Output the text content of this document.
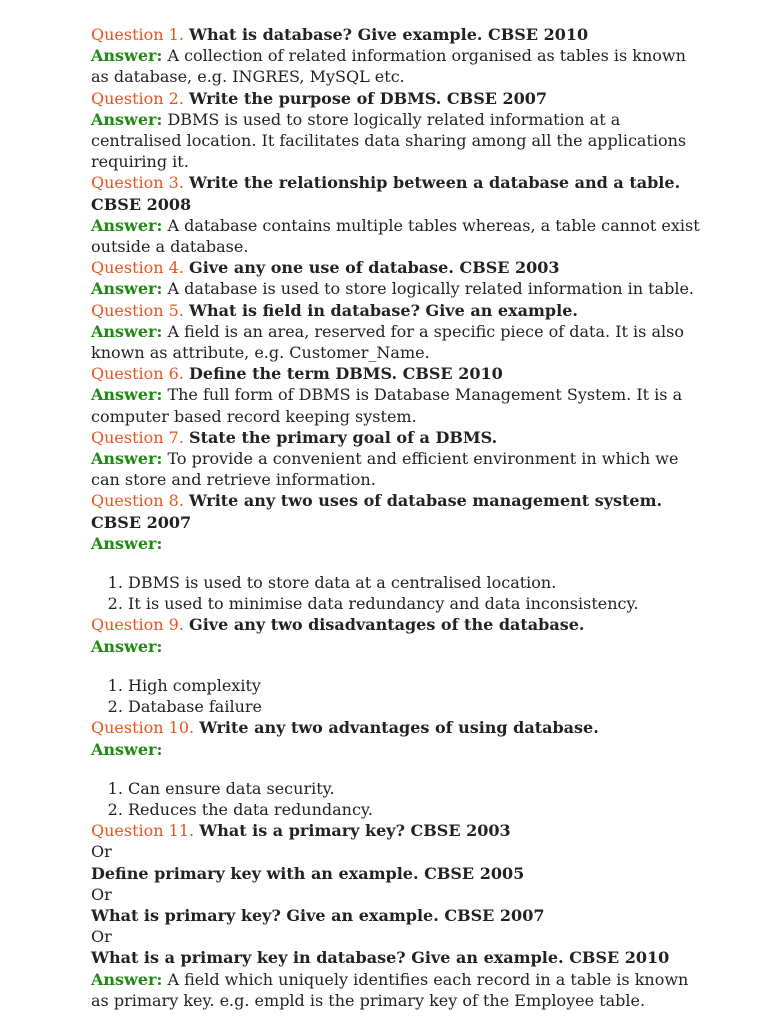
Question 1. What is database? Give example. CBSE 2010

Answer: A collection of related information organised as tables is known as database, e.g. INGRES, MySQL etc.

Question 2. Write the purpose of DBMS. CBSE 2007

Answer: DBMS is used to store logically related information at a centralised location. It facilitates data sharing among all the applications requiring it.

Question 3. Write the relationship between a database and a table. CBSE 2008

Answer: A database contains multiple tables whereas, a table cannot exist outside a database.

Question 4. Give any one use of database. CBSE 2003

Answer: A database is used to store logically related information in table.

Question 5. What is field in database? Give an example.

Answer: A field is an area, reserved for a specific piece of data. It is also known as attribute, e.g. Customer_Name.

Question 6. Define the term DBMS. CBSE 2010

Answer: The full form of DBMS is Database Management System. It is a computer based record keeping system.

Question 7. State the primary goal of a DBMS.

Answer: To provide a convenient and efficient environment in which we can store and retrieve information.

Question 8. Write any two uses of database management system. CBSE 2007

Answer:

1. DBMS is used to store data at a centralised location.
2. It is used to minimise data redundancy and data inconsistency.

Question 9. Give any two disadvantages of the database.

Answer:

1. High complexity
2. Database failure

Question 10. Write any two advantages of using database.

Answer:

1. Can ensure data security.
2. Reduces the data redundancy.

Question 11. What is a primary key? CBSE 2003

Or

Define primary key with an example. CBSE 2005

Or

What is primary key? Give an example. CBSE 2007

Or

What is a primary key in database? Give an example. CBSE 2010

Answer: A field which uniquely identifies each record in a table is known as primary key. e.g. empld is the primary key of the Employee table.
